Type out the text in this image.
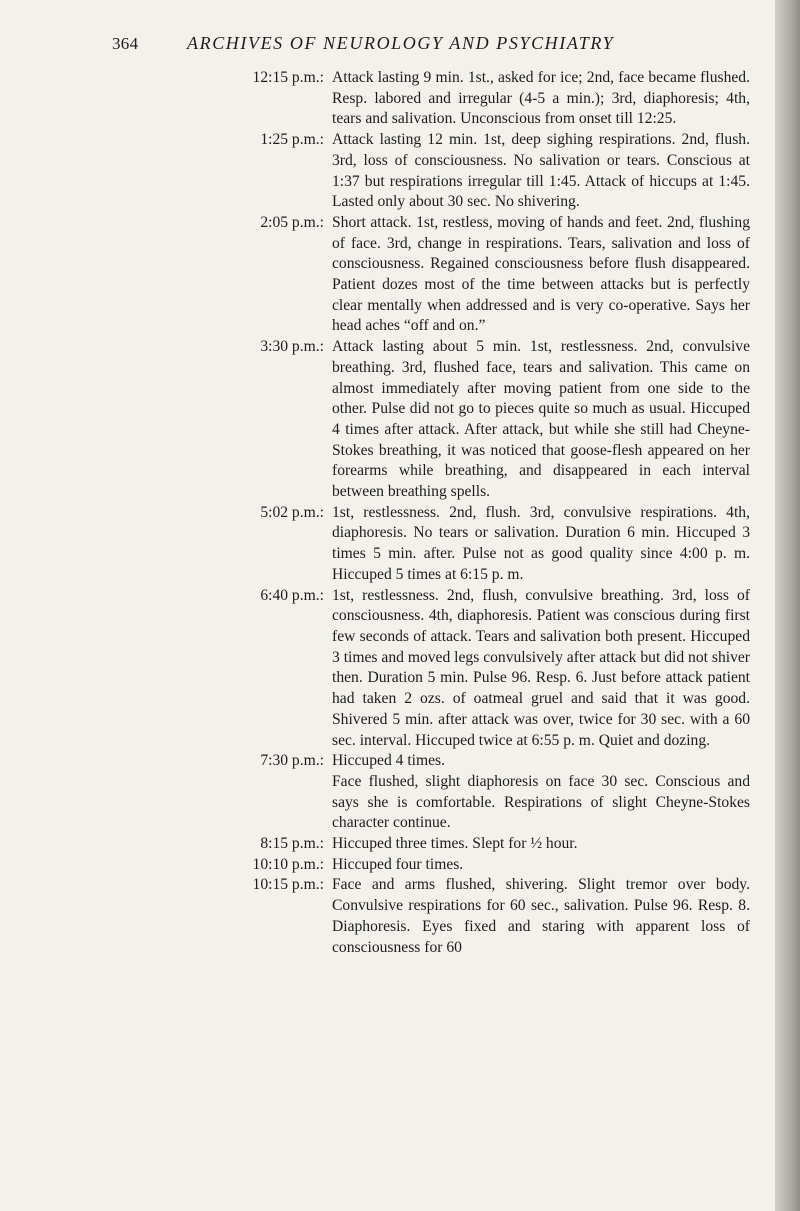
364	ARCHIVES OF NEUROLOGY AND PSYCHIATRY
12:15 p.m.: Attack lasting 9 min. 1st., asked for ice; 2nd, face became flushed. Resp. labored and irregular (4-5 a min.); 3rd, diaphoresis; 4th, tears and salivation. Unconscious from onset till 12:25.

1:25 p.m.: Attack lasting 12 min. 1st, deep sighing respirations. 2nd, flush. 3rd, loss of consciousness. No salivation or tears. Conscious at 1:37 but respirations irregular till 1:45. Attack of hiccups at 1:45. Lasted only about 30 sec. No shivering.

2:05 p.m.: Short attack. 1st, restless, moving of hands and feet. 2nd, flushing of face. 3rd, change in respirations. Tears, salivation and loss of consciousness. Regained consciousness before flush disappeared. Patient dozes most of the time between attacks but is perfectly clear mentally when addressed and is very co-operative. Says her head aches “off and on.”

3:30 p.m.: Attack lasting about 5 min. 1st, restlessness. 2nd, convulsive breathing. 3rd, flushed face, tears and salivation. This came on almost immediately after moving patient from one side to the other. Pulse did not go to pieces quite so much as usual. Hiccuped 4 times after attack. After attack, but while she still had Cheyne-Stokes breathing, it was noticed that goose-flesh appeared on her forearms while breathing, and disappeared in each interval between breathing spells.

5:02 p.m.: 1st, restlessness. 2nd, flush. 3rd, convulsive respirations. 4th, diaphoresis. No tears or salivation. Duration 6 min. Hiccuped 3 times 5 min. after. Pulse not as good quality since 4:00 p. m. Hiccuped 5 times at 6:15 p. m.

6:40 p.m.: 1st, restlessness. 2nd, flush, convulsive breathing. 3rd, loss of consciousness. 4th, diaphoresis. Patient was conscious during first few seconds of attack. Tears and salivation both present. Hiccuped 3 times and moved legs convulsively after attack but did not shiver then. Duration 5 min. Pulse 96. Resp. 6. Just before attack patient had taken 2 ozs. of oatmeal gruel and said that it was good. Shivered 5 min. after attack was over, twice for 30 sec. with a 60 sec. interval. Hiccuped twice at 6:55 p. m. Quiet and dozing.

7:30 p.m.: Hiccuped 4 times.

Face flushed, slight diaphoresis on face 30 sec. Conscious and says she is comfortable. Respirations of slight Cheyne-Stokes character continue.

8:15 p.m.: Hiccuped three times. Slept for ½ hour.

10:10 p.m.: Hiccuped four times.

10:15 p.m.: Face and arms flushed, shivering. Slight tremor over body. Convulsive respirations for 60 sec., salivation. Pulse 96. Resp. 8. Diaphoresis. Eyes fixed and staring with apparent loss of consciousness for 60
